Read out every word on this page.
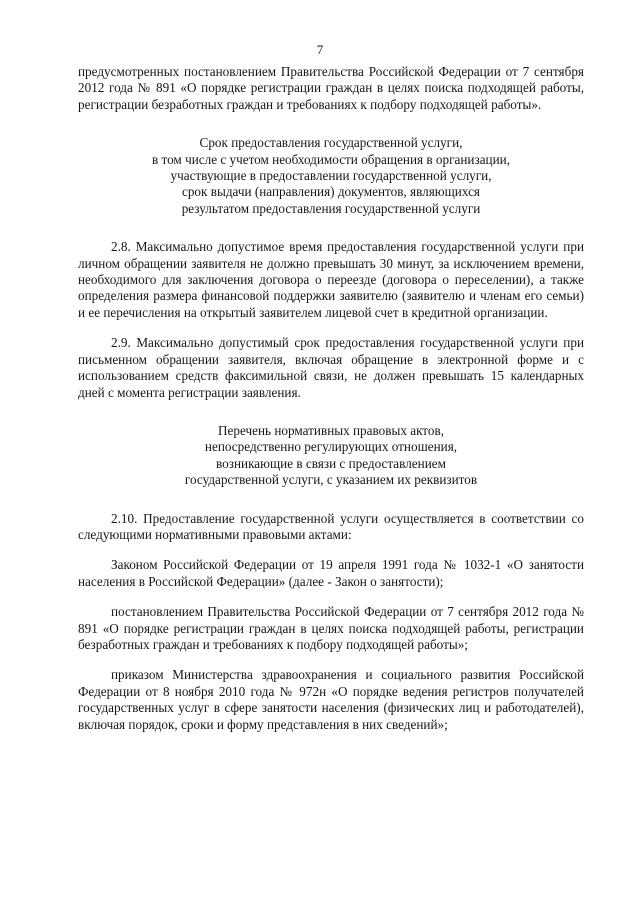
7

предусмотренных постановлением Правительства Российской Федерации от 7 сентября 2012 года № 891 «О порядке регистрации граждан в целях поиска подходящей работы, регистрации безработных граждан и требованиях к подбору подходящей работы».

Срок предоставления государственной услуги,
в том числе с учетом необходимости обращения в организации,
участвующие в предоставлении государственной услуги,
срок выдачи (направления) документов, являющихся
результатом предоставления государственной услуги

2.8. Максимально допустимое время предоставления государственной услуги при личном обращении заявителя не должно превышать 30 минут, за исключением времени, необходимого для заключения договора о переезде (договора о переселении), а также определения размера финансовой поддержки заявителю (заявителю и членам его семьи) и ее перечисления на открытый заявителем лицевой счет в кредитной организации.

2.9. Максимально допустимый срок предоставления государственной услуги при письменном обращении заявителя, включая обращение в электронной форме и с использованием средств факсимильной связи, не должен превышать 15 календарных дней с момента регистрации заявления.

Перечень нормативных правовых актов,
непосредственно регулирующих отношения,
возникающие в связи с предоставлением
государственной услуги, с указанием их реквизитов

2.10. Предоставление государственной услуги осуществляется в соответствии со следующими нормативными правовыми актами:

Законом Российской Федерации от 19 апреля 1991 года № 1032-1 «О занятости населения в Российской Федерации» (далее - Закон о занятости);

постановлением Правительства Российской Федерации от 7 сентября 2012 года № 891 «О порядке регистрации граждан в целях поиска подходящей работы, регистрации безработных граждан и требованиях к подбору подходящей работы»;

приказом Министерства здравоохранения и социального развития Российской Федерации от 8 ноября 2010 года № 972н «О порядке ведения регистров получателей государственных услуг в сфере занятости населения (физических лиц и работодателей), включая порядок, сроки и форму представления в них сведений»;
